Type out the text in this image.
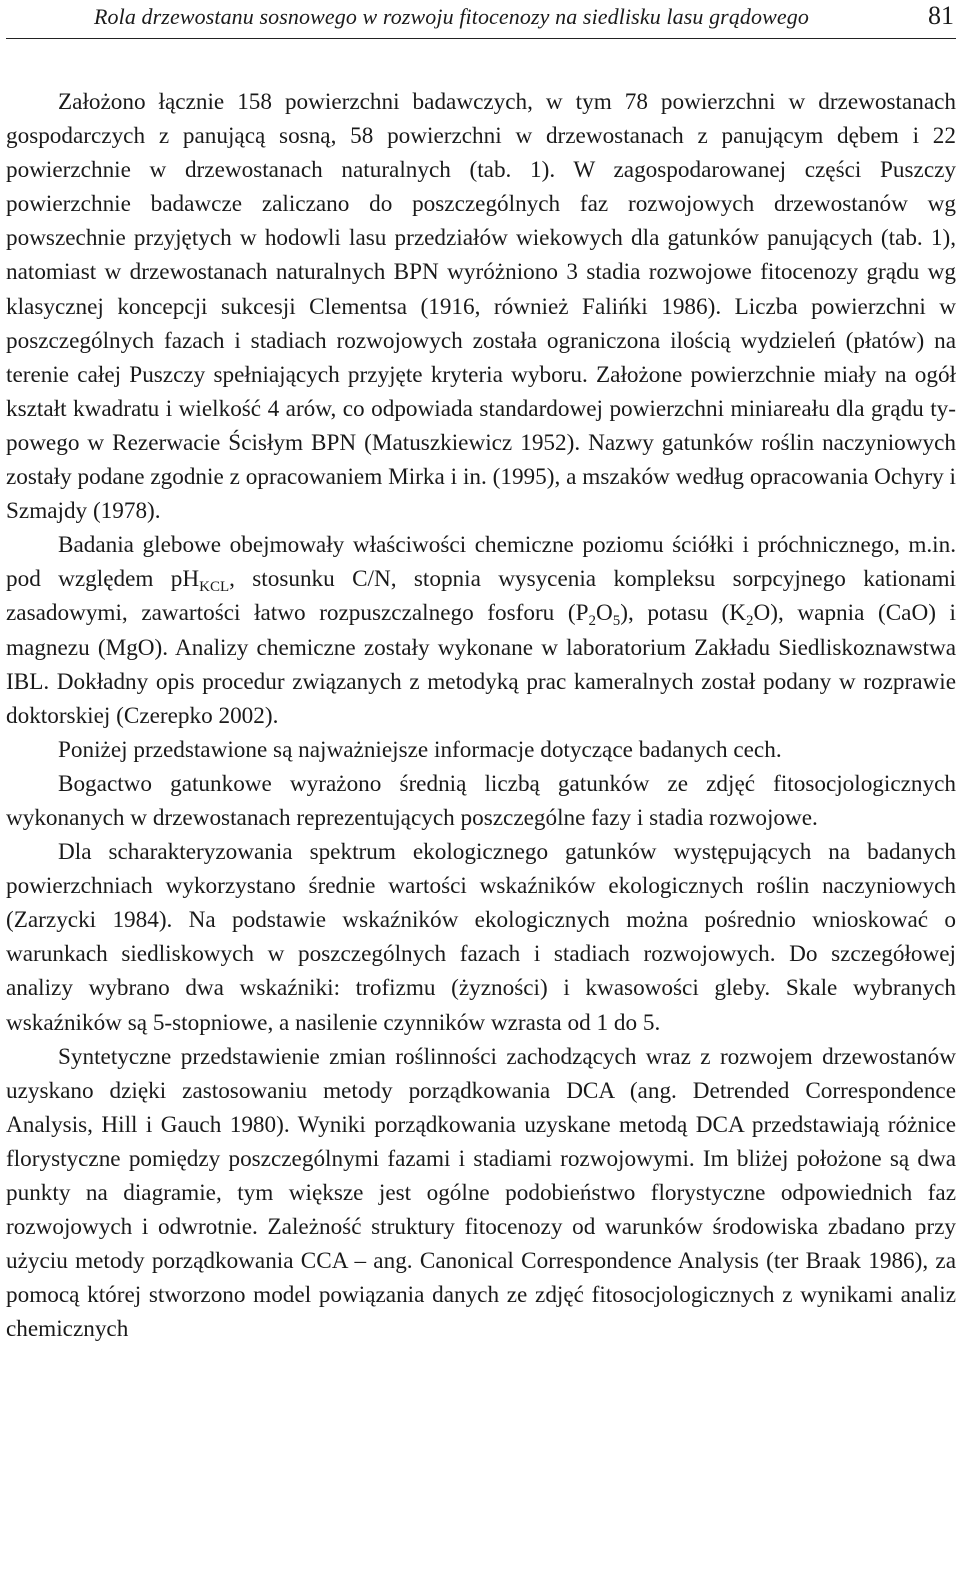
Rola drzewostanu sosnowego w rozwoju fitocenozy na siedlisku lasu grądowego	81

Założono łącznie 158 powierzchni badawczych, w tym 78 powierzchni w drzewostanach gospodarczych z panującą sosną, 58 powierzchni w drzewostanach z panującym dębem i 22 powierzchnie w drzewostanach naturalnych (tab. 1). W zagospodarowanej części Puszczy powierzchnie badawcze zaliczano do poszczególnych faz rozwojowych drzewostanów wg powszechnie przyjętych w hodowli lasu przedziałów wiekowych dla gatunków panujących (tab. 1), natomiast w drzewostanach naturalnych BPN wyróżniono 3 stadia rozwojowe fitocenozy grądu wg klasycznej koncepcji sukcesji Clementsa (1916, również Falińki 1986). Liczba powierzchni w poszczególnych fazach i stadiach rozwojowych została ograniczona ilością wydzieleń (płatów) na terenie całej Puszczy spełniających przyjęte kryteria wyboru. Założone powierzchnie miały na ogół kształt kwadratu i wielkość 4 arów, co odpowiada standardowej powierzchni miniareału dla grądu typowego w Rezerwacie Ścisłym BPN (Matuszkiewicz 1952). Nazwy gatunków roślin naczyniowych zostały podane zgodnie z opracowaniem Mirka i in. (1995), a mszaków według opracowania Ochyry i Szmajdy (1978).

Badania glebowe obejmowały właściwości chemiczne poziomu ściółki i próchnicznego, m.in. pod względem $pH_{KCL}$, stosunku C/N, stopnia wysycenia kompleksu sorpcyjnego kationami zasadowymi, zawartości łatwo rozpuszczalnego fosforu $(P_2O_5)$, potasu $(K_2O)$, wapnia (CaO) i magnezu (MgO). Analizy chemiczne zostały wykonane w laboratorium Zakładu Siedliskoznawstwa IBL. Dokładny opis procedur związanych z metodyką prac kameralnych został podany w rozprawie doktorskiej (Czerepko 2002).

Poniżej przedstawione są najważniejsze informacje dotyczące badanych cech.

Bogactwo gatunkowe wyrażono średnią liczbą gatunków ze zdjęć fitosocjologicznych wykonanych w drzewostanach reprezentujących poszczególne fazy i stadia rozwojowe.

Dla scharakteryzowania spektrum ekologicznego gatunków występujących na badanych powierzchniach wykorzystano średnie wartości wskaźników ekologicznych roślin naczyniowych (Zarzycki 1984). Na podstawie wskaźników ekologicznych można pośrednio wnioskować o warunkach siedliskowych w poszczególnych fazach i stadiach rozwojowych. Do szczegółowej analizy wybrano dwa wskaźniki: trofizmu (żyzności) i kwasowości gleby. Skale wybranych wskaźników są 5-stopniowe, a nasilenie czynników wzrasta od 1 do 5.

Syntetyczne przedstawienie zmian roślinności zachodzących wraz z rozwojem drzewostanów uzyskano dzięki zastosowaniu metody porządkowania DCA (ang. Detrended Correspondence Analysis, Hill i Gauch 1980). Wyniki porządkowania uzyskane metodą DCA przedstawiają różnice florystyczne pomiędzy poszczególnymi fazami i stadiami rozwojowymi. Im bliżej położone są dwa punkty na diagramie, tym większe jest ogólne podobieństwo florystyczne odpowiednich faz rozwojowych i odwrotnie. Zależność struktury fitocenozy od warunków środowiska zbadano przy użyciu metody porządkowania CCA – ang. Canonical Correspondence Analysis (ter Braak 1986), za pomocą której stworzono model powiązania danych ze zdjęć fitosocjologicznych z wynikami analiz chemicznych
